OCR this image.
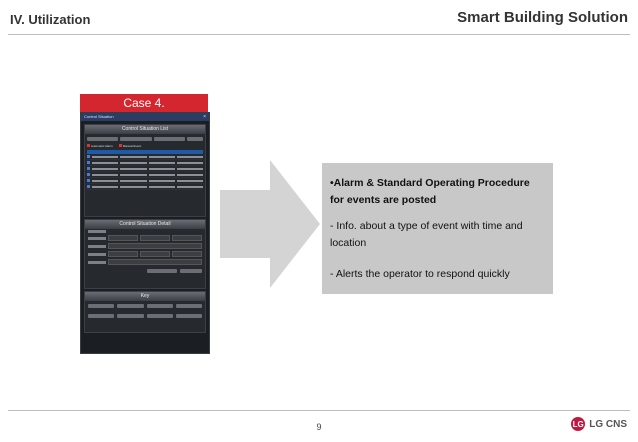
IV. Utilization	Smart Building Solution
Case 4.
Control Situation	×
Control Situation List
Automatic Alarm	Manual Event
Control Situation Detail
Key

•Alarm & Standard Operating Procedure for events are posted

- Info. about a type of event with time and location

- Alerts the operator to respond quickly

9	LG LG CNS
